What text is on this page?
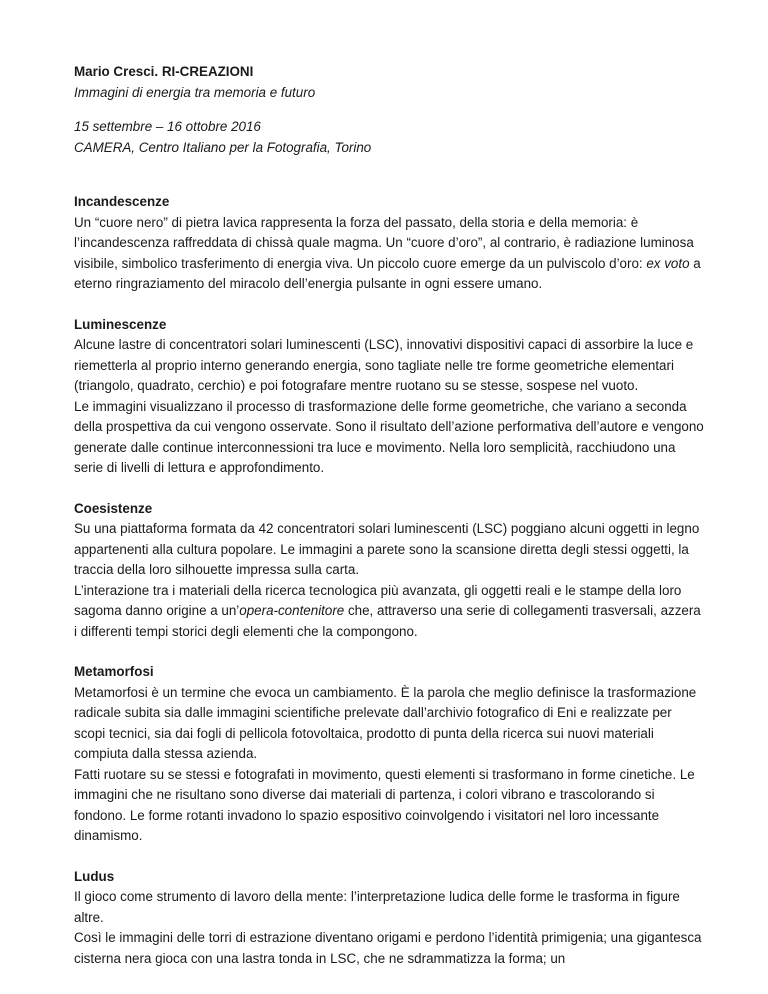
Mario Cresci. RI-CREAZIONI

Immagini di energia tra memoria e futuro

15 settembre – 16 ottobre 2016

CAMERA, Centro Italiano per la Fotografia, Torino

Incandescenze

Un “cuore nero” di pietra lavica rappresenta la forza del passato, della storia e della memoria: è l’incandescenza raffreddata di chissà quale magma. Un “cuore d’oro”, al contrario, è radiazione luminosa visibile, simbolico trasferimento di energia viva. Un piccolo cuore emerge da un pulviscolo d’oro: ex voto a eterno ringraziamento del miracolo dell’energia pulsante in ogni essere umano.

Luminescenze

Alcune lastre di concentratori solari luminescenti (LSC), innovativi dispositivi capaci di assorbire la luce e riemetterla al proprio interno generando energia, sono tagliate nelle tre forme geometriche elementari (triangolo, quadrato, cerchio) e poi fotografare mentre ruotano su se stesse, sospese nel vuoto.

Le immagini visualizzano il processo di trasformazione delle forme geometriche, che variano a seconda della prospettiva da cui vengono osservate. Sono il risultato dell’azione performativa dell’autore e vengono generate dalle continue interconnessioni tra luce e movimento. Nella loro semplicità, racchiudono una serie di livelli di lettura e approfondimento.

Coesistenze

Su una piattaforma formata da 42 concentratori solari luminescenti (LSC) poggiano alcuni oggetti in legno appartenenti alla cultura popolare. Le immagini a parete sono la scansione diretta degli stessi oggetti, la traccia della loro silhouette impressa sulla carta.

L’interazione tra i materiali della ricerca tecnologica più avanzata, gli oggetti reali e le stampe della loro sagoma danno origine a un’opera-contenitore che, attraverso una serie di collegamenti trasversali, azzera i differenti tempi storici degli elementi che la compongono.

Metamorfosi

Metamorfosi è un termine che evoca un cambiamento. È la parola che meglio definisce la trasformazione radicale subita sia dalle immagini scientifiche prelevate dall’archivio fotografico di Eni e realizzate per scopi tecnici, sia dai fogli di pellicola fotovoltaica, prodotto di punta della ricerca sui nuovi materiali compiuta dalla stessa azienda.

Fatti ruotare su se stessi e fotografati in movimento, questi elementi si trasformano in forme cinetiche. Le immagini che ne risultano sono diverse dai materiali di partenza, i colori vibrano e trascolorando si fondono. Le forme rotanti invadono lo spazio espositivo coinvolgendo i visitatori nel loro incessante dinamismo.

Ludus

Il gioco come strumento di lavoro della mente: l’interpretazione ludica delle forme le trasforma in figure altre.

Così le immagini delle torri di estrazione diventano origami e perdono l’identità primigenia; una gigantesca cisterna nera gioca con una lastra tonda in LSC, che ne sdrammatizza la forma; un
